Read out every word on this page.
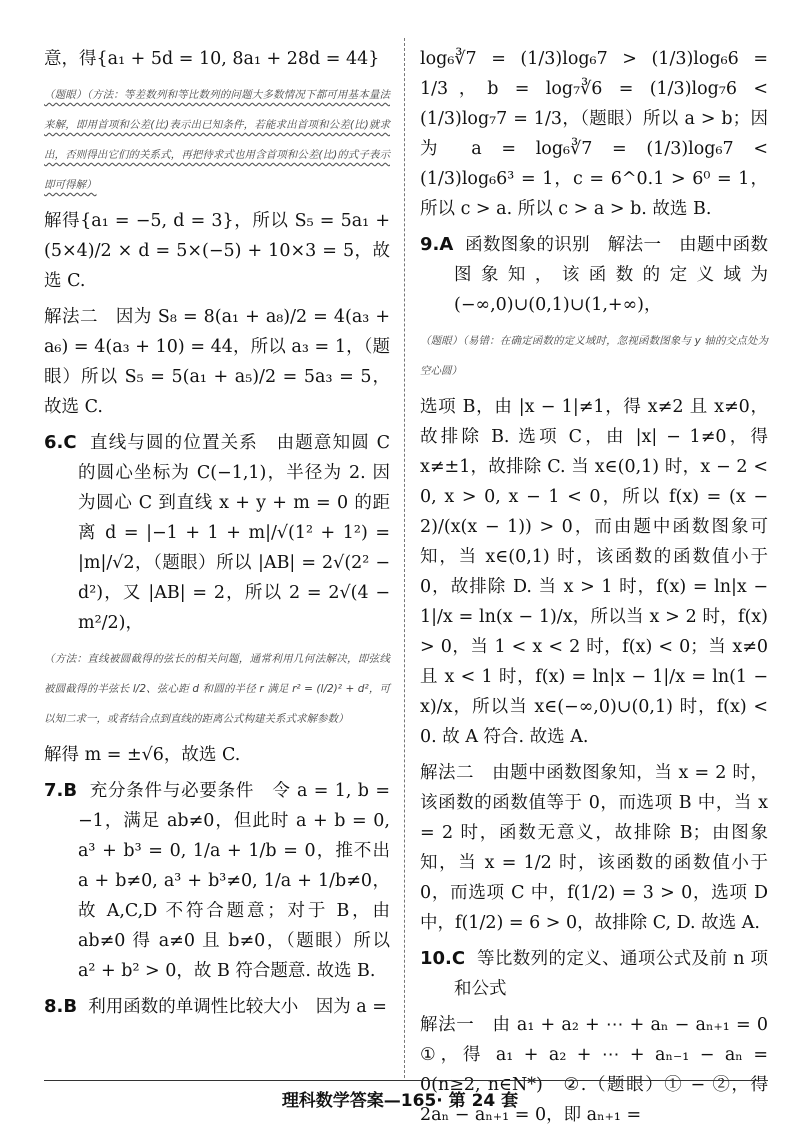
意，得{a₁ + 5d = 10, 8a₁ + 28d = 44}

（题眼）（方法：等差数列和等比数列的问题大多数情况下都可用基本量法来解，即用首项和公差(比)表示出已知条件，若能求出首项和公差(比)就求出，否则得出它们的关系式，再把待求式也用含首项和公差(比)的式子表示即可得解）

解得{a₁ = −5, d = 3}，所以 S₅ = 5a₁ + (5×4)/2 × d = 5×(−5) + 10×3 = 5，故选 C.

解法二　因为 S₈ = 8(a₁ + a₈)/2 = 4(a₃ + a₆) = 4(a₃ + 10) = 44，所以 a₃ = 1，（题眼）所以 S₅ = 5(a₁ + a₅)/2 = 5a₃ = 5，故选 C.

6.C 直线与圆的位置关系　由题意知圆 C 的圆心坐标为 C(−1,1)，半径为 2. 因为圆心 C 到直线 x + y + m = 0 的距离 d = |−1 + 1 + m|/√(1² + 1²) = |m|/√2，（题眼）所以 |AB| = 2√(2² − d²)，又 |AB| = 2，所以 2 = 2√(4 − m²/2)，

（方法：直线被圆截得的弦长的相关问题，通常利用几何法解决，即弦线被圆截得的半弦长 l/2、弦心距 d 和圆的半径 r 满足 r² = (l/2)² + d²，可以知二求一，或者结合点到直线的距离公式构建关系式求解参数）

解得 m = ±√6，故选 C.

7.B 充分条件与必要条件　令 a = 1, b = −1，满足 ab≠0，但此时 a + b = 0, a³ + b³ = 0, 1/a + 1/b = 0，推不出 a + b≠0, a³ + b³≠0, 1/a + 1/b≠0，故 A,C,D 不符合题意；对于 B，由 ab≠0 得 a≠0 且 b≠0，（题眼）所以 a² + b² > 0，故 B 符合题意. 故选 B.

8.B 利用函数的单调性比较大小　因为 a =

log₆∛7 = (1/3)log₆7 > (1/3)log₆6 = 1/3，b = log₇∛6 = (1/3)log₇6 < (1/3)log₇7 = 1/3，（题眼）所以 a > b；因为 a = log₆∛7 = (1/3)log₆7 < (1/3)log₆6³ = 1，c = 6^0.1 > 6⁰ = 1，所以 c > a. 所以 c > a > b. 故选 B.

9.A 函数图象的识别　解法一　由题中函数图象知，该函数的定义域为(−∞,0)∪(0,1)∪(1,+∞)，

（题眼）（易错：在确定函数的定义域时，忽视函数图象与 y 轴的交点处为空心圆）

选项 B，由 |x − 1|≠1，得 x≠2 且 x≠0，故排除 B. 选项 C，由 |x| − 1≠0，得 x≠±1，故排除 C. 当 x∈(0,1) 时，x − 2 < 0, x > 0, x − 1 < 0，所以 f(x) = (x − 2)/(x(x − 1)) > 0，而由题中函数图象可知，当 x∈(0,1) 时，该函数的函数值小于 0，故排除 D. 当 x > 1 时，f(x) = ln|x − 1|/x = ln(x − 1)/x，所以当 x > 2 时，f(x) > 0，当 1 < x < 2 时，f(x) < 0；当 x≠0 且 x < 1 时，f(x) = ln|x − 1|/x = ln(1 − x)/x，所以当 x∈(−∞,0)∪(0,1) 时，f(x) < 0. 故 A 符合. 故选 A.

解法二　由题中函数图象知，当 x = 2 时，该函数的函数值等于 0，而选项 B 中，当 x = 2 时，函数无意义，故排除 B；由图象知，当 x = 1/2 时，该函数的函数值小于 0，而选项 C 中，f(1/2) = 3 > 0，选项 D 中，f(1/2) = 6 > 0，故排除 C, D. 故选 A.

10.C 等比数列的定义、通项公式及前 n 项和公式

解法一　由 a₁ + a₂ + ⋯ + aₙ − aₙ₊₁ = 0　①，得 a₁ + a₂ + ⋯ + aₙ₋₁ − aₙ = 0(n≥2, n∈N*)　②.（题眼）① − ②，得 2aₙ − aₙ₊₁ = 0，即 aₙ₊₁ =

理科数学答案—165· 第 24 套
